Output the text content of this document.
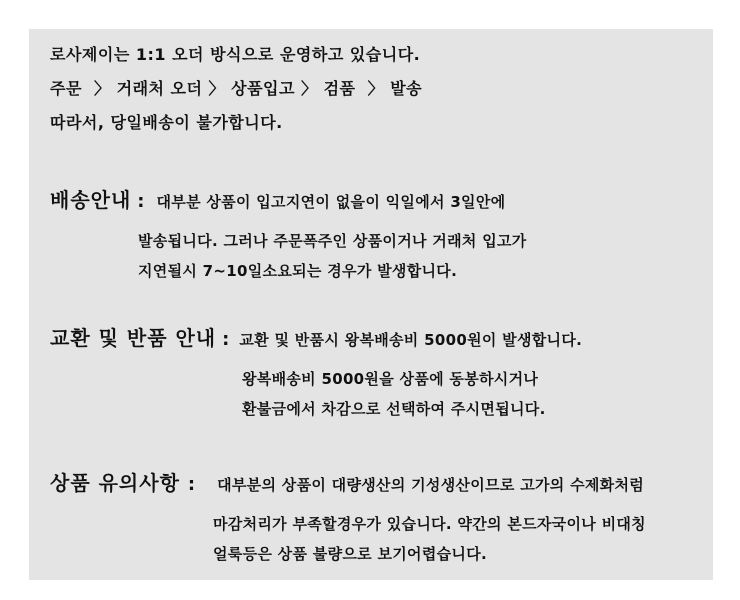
로사제이는 1:1 오더 방식으로 운영하고 있습니다.
주문  〉 거래처 오더 〉 상품입고 〉 검품  〉 발송
따라서, 당일배송이 불가합니다.
배송안내 : 대부분 상품이 입고지연이 없을이 익일에서 3일안에
발송됩니다. 그러나 주문폭주인 상품이거나 거래처 입고가
지연될시 7~10일소요되는 경우가 발생합니다.
교환 및 반품 안내 : 교환 및 반품시 왕복배송비 5000원이 발생합니다.
왕복배송비 5000원을 상품에 동봉하시거나
환불금에서 차감으로 선택하여 주시면됩니다.
상품 유의사항 : 대부분의 상품이 대량생산의 기성생산이므로 고가의 수제화처럼
마감처리가 부족할경우가 있습니다. 약간의 본드자국이나 비대칭
얼룩등은 상품 불량으로 보기어렵습니다.
